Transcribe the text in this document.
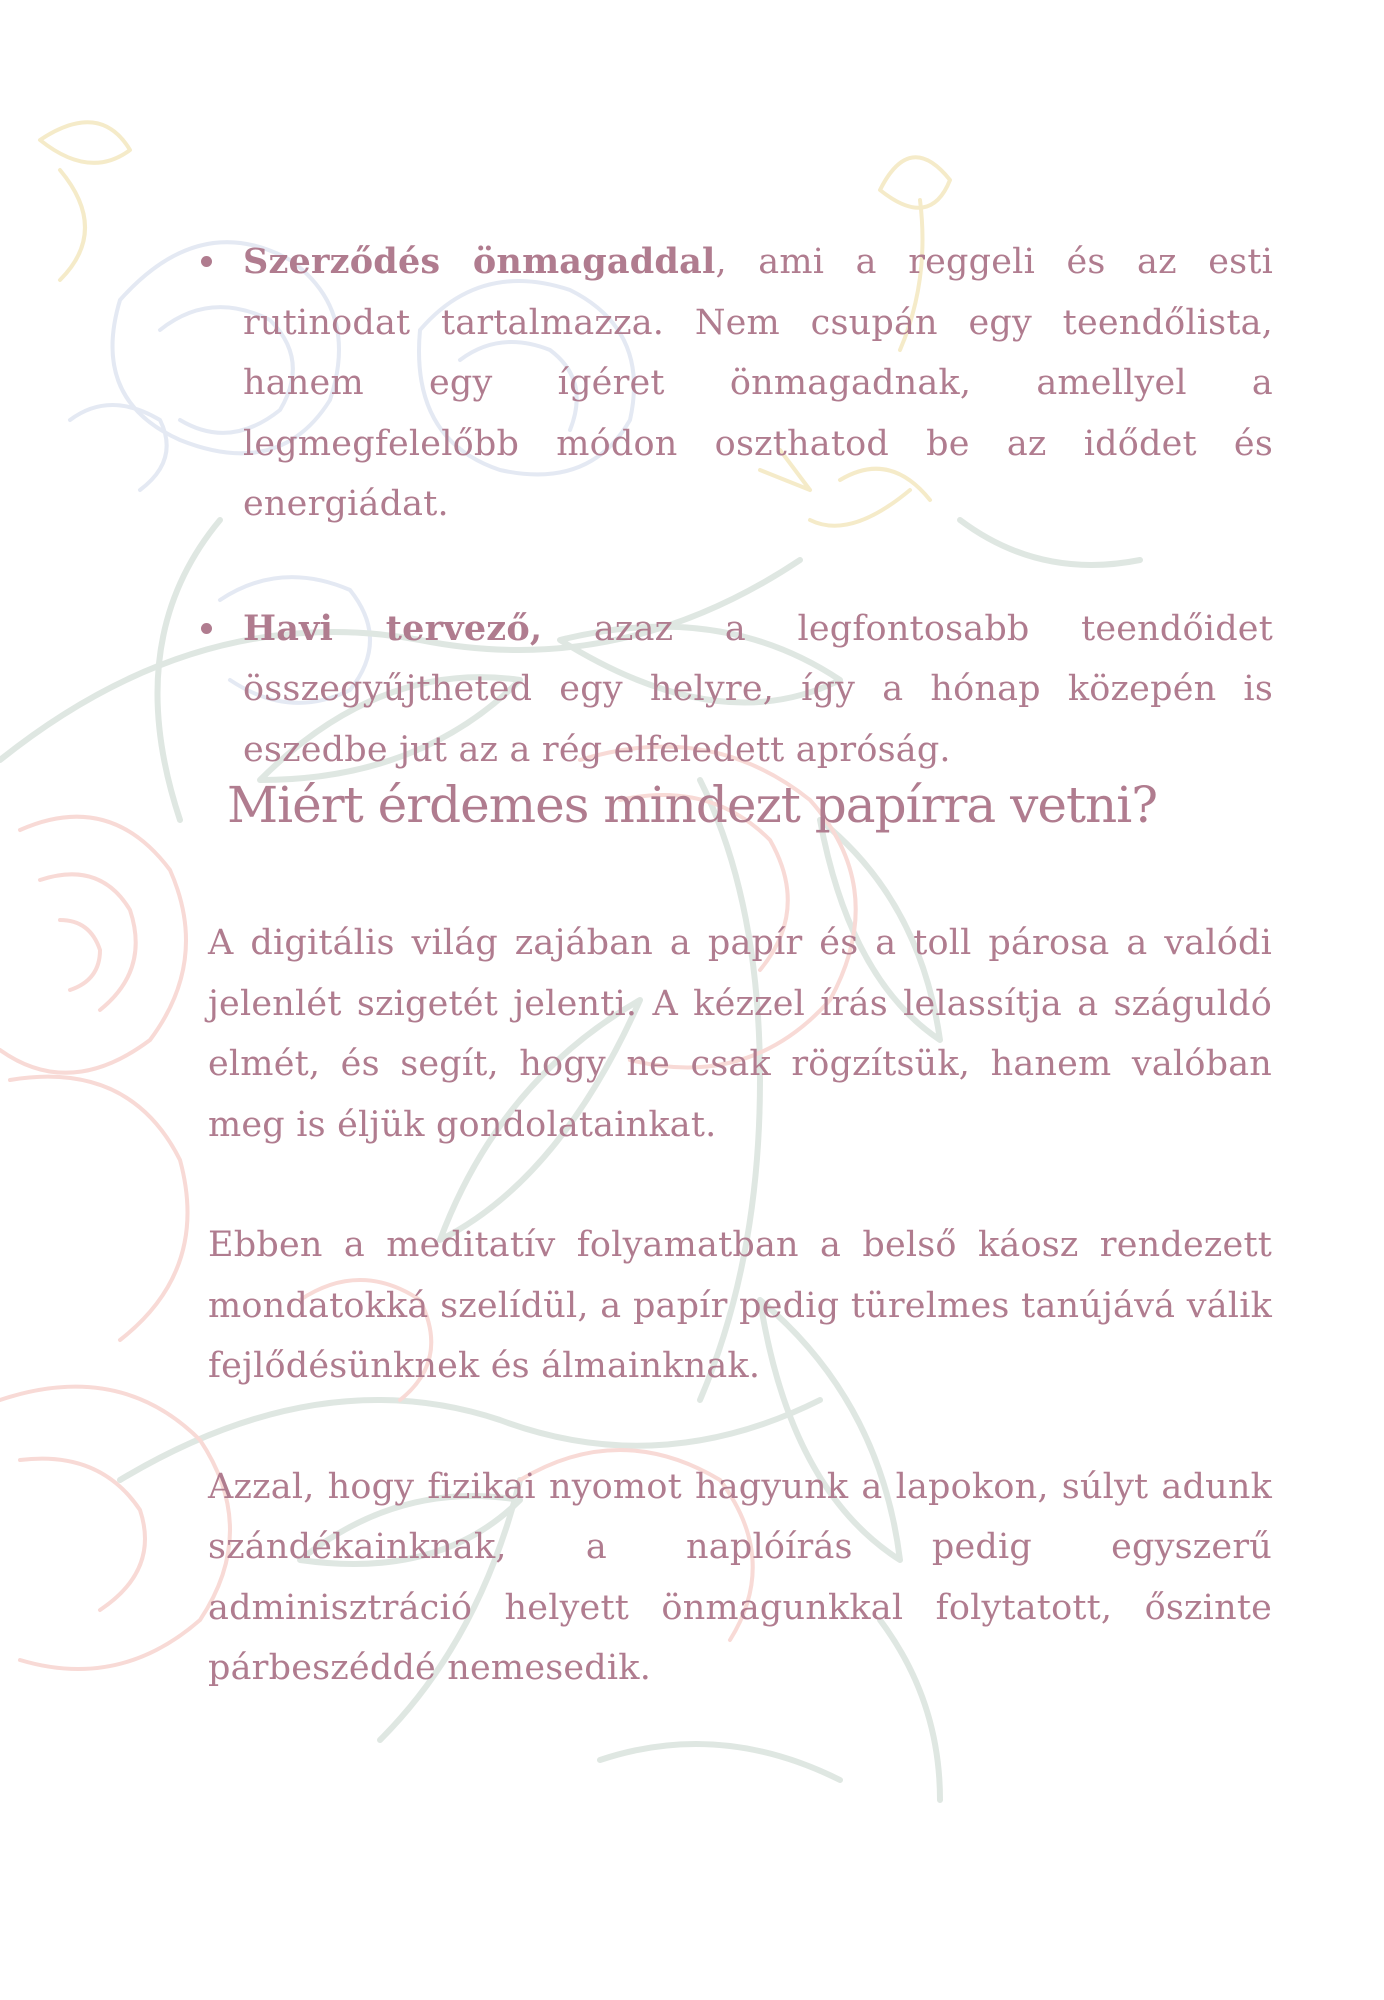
Szerződés önmagaddal, ami a reggeli és az esti rutinodat tartalmazza. Nem csupán egy teendőlista, hanem egy ígéret önmagadnak, amellyel a legmegfelelőbb módon oszthatod be az idődet és energiádat.

Havi tervező, azaz a legfontosabb teendőidet összegyűjtheted egy helyre, így a hónap közepén is eszedbe jut az a rég elfeledett apróság.

Miért érdemes mindezt papírra vetni?

A digitális világ zajában a papír és a toll párosa a valódi jelenlét szigetét jelenti. A kézzel írás lelassítja a száguldó elmét, és segít, hogy ne csak rögzítsük, hanem valóban meg is éljük gondolatainkat.

Ebben a meditatív folyamatban a belső káosz rendezett mondatokká szelídül, a papír pedig türelmes tanújává válik fejlődésünknek és álmainknak.

Azzal, hogy fizikai nyomot hagyunk a lapokon, súlyt adunk szándékainknak, a naplóírás pedig egyszerű adminisztráció helyett önmagunkkal folytatott, őszinte párbeszéddé nemesedik.
